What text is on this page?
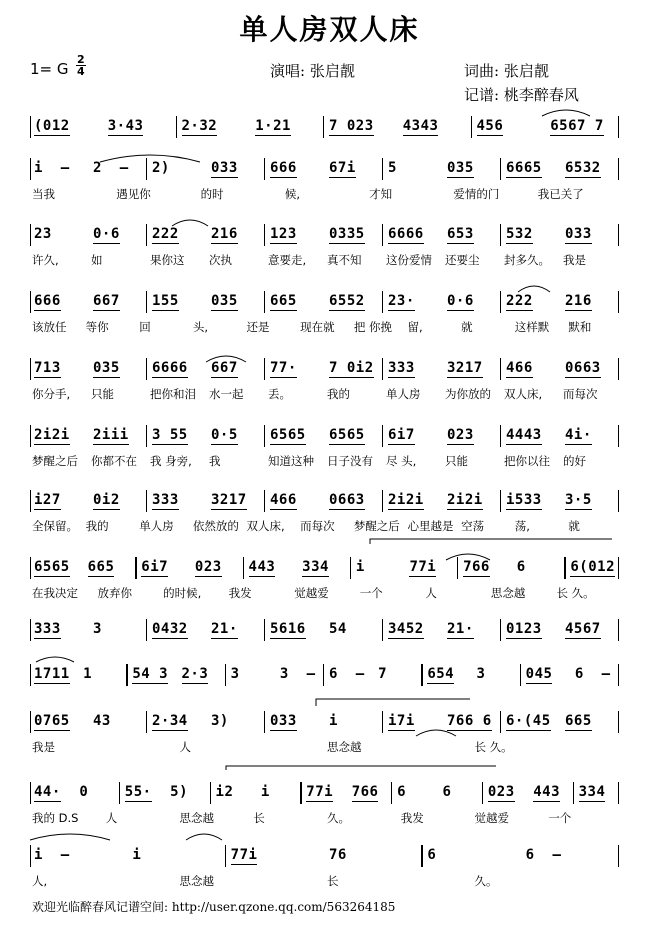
单人房双人床
1= G $\frac{2}{4}$	演唱: 张启靓	词曲: 张启靓
记谱: 桃李醉春风
(012	3·43	2·32	1·21	7 023 4343	456	6567 7
i  – 2  – 2)	033 666 67i 5	035 6665 6532
当我	遇见你	的时	候,	才知	爱情的门	我已关了
23	0·6 222 216 123 0335 6666 653 532 033
许久,	如	果你这 次执	意要走, 真不知 这份爱情 还要尘 封多久。 我是
666 667 155 035 665 6552 23· 0·6 222 216
该放任 等你	回	头,	还是	现在就 把 你挽 留,	就	这样默 默和
713 035 6666 667 77· 7 0i2 333 3217 466 0663
你分手, 只能	把你和泪 水一起 丢。	我的	单人房 为你放的 双人床, 而每次
2i2i 2iii 3 55 0·5 6565 6565 6i7 023 4443 4i·
梦醒之后 你都不在 我 身旁, 我	知道这种 日子没有 尽 头, 只能	把你以往 的好
i27 0i2 333 3217 466 0663 2i2i 2i2i i533 3·5
全保留。 我的	单人房 依然放的 双人床, 而每次 梦醒之后 心里越是 空荡	荡,	就
6565 665 6i7 023 443 334 i	77i 766 6	6(012
在我决定 放弃你	的时候, 我发	觉越爱	一个	人	思念越	长 久。
333 3	0432 21· 5616 54	3452 21· 0123 4567
1711 1	54 3 2·3 3	3  – 6  – 7	654 3	045 6  –
0765 43	2·34 3)	033 i	i7i 766 6 6·(45 665
我是	人	思念越	长 久。
44· 0	55· 5) i2 i	77i 766 6	6	023 443 334
我的 D.S 人	思念越	长	久。	我发	觉越爱	一个
i  –	i	77i	76	6	6  –
人,	思念越	长	久。
欢迎光临醉春风记谱空间: http://user.qzone.qq.com/563264185
